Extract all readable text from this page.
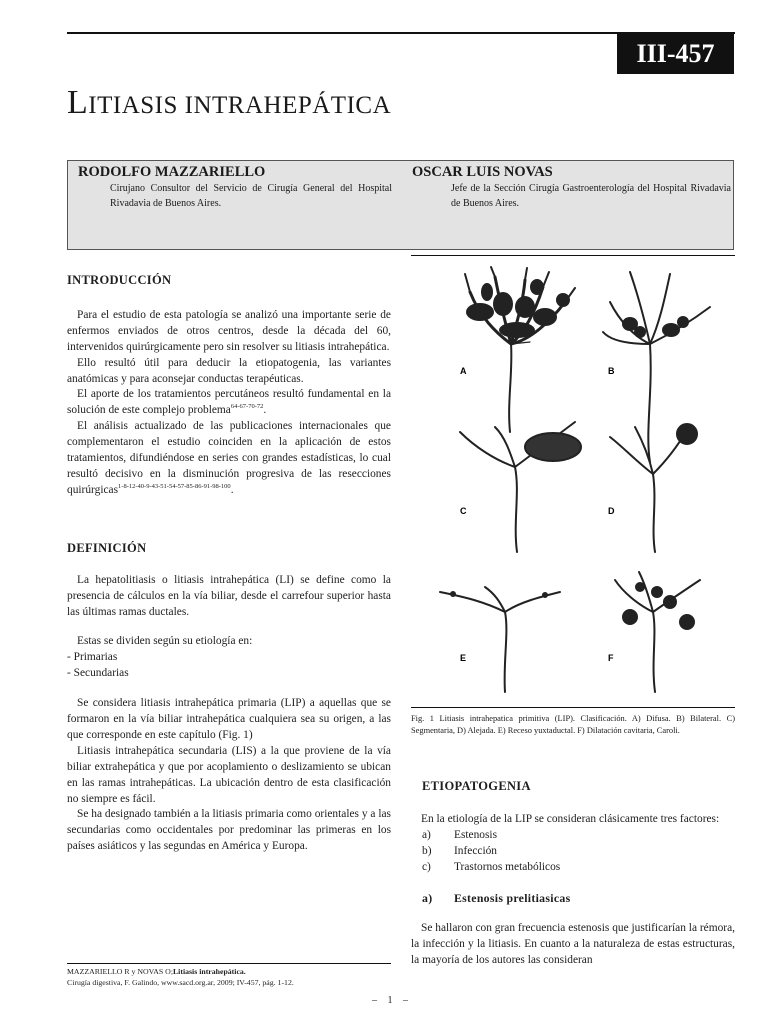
III-457
LITIASIS INTRAHEPÁTICA
RODOLFO MAZZARIELLO
Cirujano Consultor del Servicio de Cirugía General del Hospital Rivadavia de Buenos Aires.
OSCAR LUIS NOVAS
Jefe de la Sección Cirugía Gastroenterología del Hospital Rivadavia de Buenos Aires.
INTRODUCCIÓN

Para el estudio de esta patología se analizó una importante serie de enfermos enviados de otros centros, desde la década del 60, intervenidos quirúrgicamente pero sin resolver su litiasis intrahepática.

Ello resultó útil para deducir la etiopatogenia, las variantes anatómicas y para aconsejar conductas terapéuticas.

El aporte de los tratamientos percutáneos resultó fundamental en la solución de este complejo problema$^{64-67-70-72}$.

El análisis actualizado de las publicaciones internacionales que complementaron el estudio coinciden en la aplicación de estos tratamientos, difundiéndose en series con grandes estadísticas, lo cual resultó decisivo en la disminución progresiva de las resecciones quirúrgicas$^{1-8-12-40-9-43-51-54-57-85-86-91-98-100}$.

DEFINICIÓN

La hepatolitiasis o litiasis intrahepática (LI) se define como la presencia de cálculos en la vía biliar, desde el carrefour superior hasta las últimas ramas ductales.

Estas se dividen según su etiología en:

- Primarias
- Secundarias

Se considera litiasis intrahepática primaria (LIP) a aquellas que se formaron en la vía biliar intrahepática cualquiera sea su origen, a las que corresponde en este capítulo (Fig. 1)

Litiasis intrahepática secundaria (LIS) a la que proviene de la vía biliar extrahepática y que por acoplamiento o deslizamiento se ubican en las ramas intrahepáticas. La ubicación dentro de esta clasificación no siempre es fácil.

Se ha designado también a la litiasis primaria como orientales y a las secundarias como occidentales por predominar las primeras en los países asiáticos y las segundas en América y Europa.

A	B
C	D
E	F
Fig. 1 Litiasis intrahepatica primitiva (LIP). Clasificación. A) Difusa. B) Bilateral. C) Segmentaria, D) Alejada. E) Receso yuxtaductal. F) Dilatación cavitaria, Caroli.
ETIOPATOGENIA

En la etiología de la LIP se consideran clásicamente tres factores:

a) Estenosis
b) Infección
c) Trastornos metabólicos
a) Estenosis prelitiasicas

Se hallaron con gran frecuencia estenosis que justificarían la rémora, la infección y la litiasis. En cuanto a la naturaleza de estas estructuras, la mayoría de los autores las consideran

MAZZARIELLO R y NOVAS O;Litiasis intrahepática.
Cirugía digestiva, F. Galindo, www.sacd.org.ar, 2009; IV-457, pág. 1-12.
– 1 –
